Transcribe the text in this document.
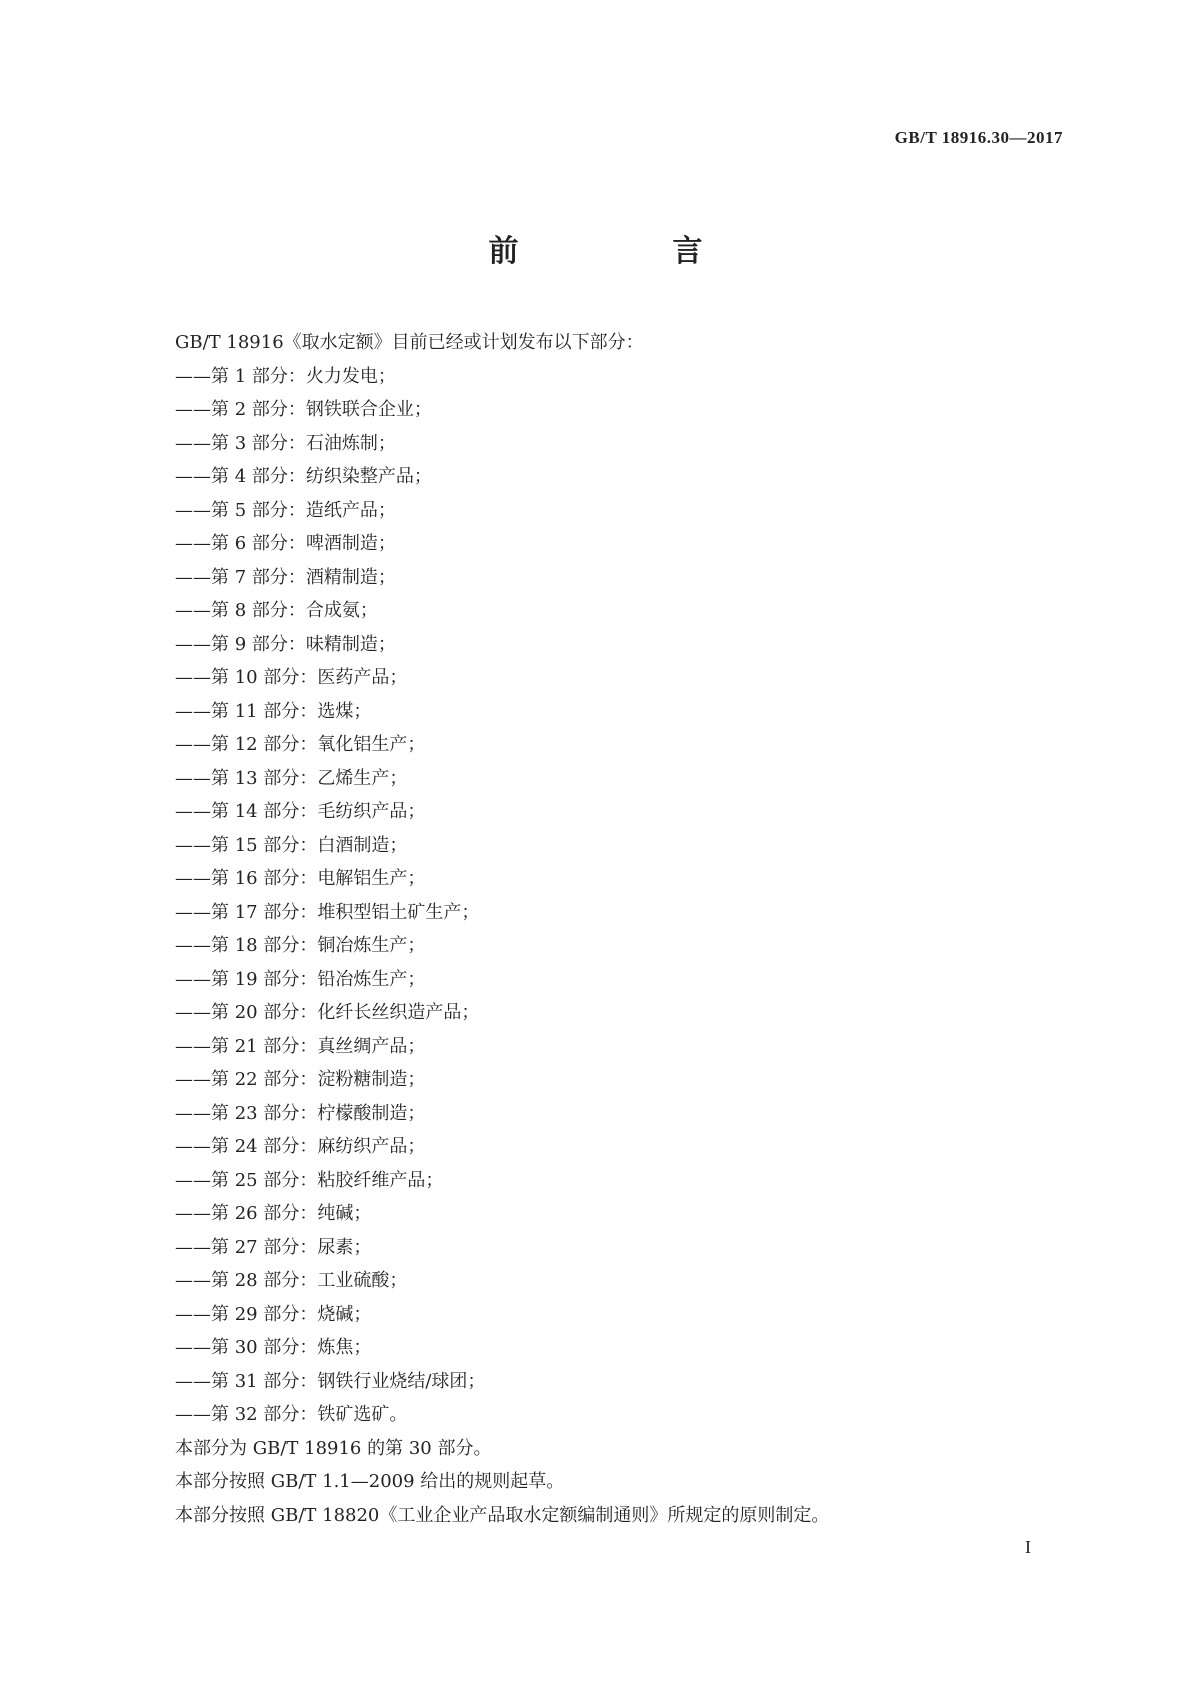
GB/T 18916.30—2017
前　言

GB/T 18916《取水定额》目前已经或计划发布以下部分：

——第 1 部分：火力发电；

——第 2 部分：钢铁联合企业；

——第 3 部分：石油炼制；

——第 4 部分：纺织染整产品；

——第 5 部分：造纸产品；

——第 6 部分：啤酒制造；

——第 7 部分：酒精制造；

——第 8 部分：合成氨；

——第 9 部分：味精制造；

——第 10 部分：医药产品；

——第 11 部分：选煤；

——第 12 部分：氧化铝生产；

——第 13 部分：乙烯生产；

——第 14 部分：毛纺织产品；

——第 15 部分：白酒制造；

——第 16 部分：电解铝生产；

——第 17 部分：堆积型铝土矿生产；

——第 18 部分：铜冶炼生产；

——第 19 部分：铅冶炼生产；

——第 20 部分：化纤长丝织造产品；

——第 21 部分：真丝绸产品；

——第 22 部分：淀粉糖制造；

——第 23 部分：柠檬酸制造；

——第 24 部分：麻纺织产品；

——第 25 部分：粘胶纤维产品；

——第 26 部分：纯碱；

——第 27 部分：尿素；

——第 28 部分：工业硫酸；

——第 29 部分：烧碱；

——第 30 部分：炼焦；

——第 31 部分：钢铁行业烧结/球团；

——第 32 部分：铁矿选矿。

本部分为 GB/T 18916 的第 30 部分。

本部分按照 GB/T 1.1—2009 给出的规则起草。

本部分按照 GB/T 18820《工业企业产品取水定额编制通则》所规定的原则制定。

I
